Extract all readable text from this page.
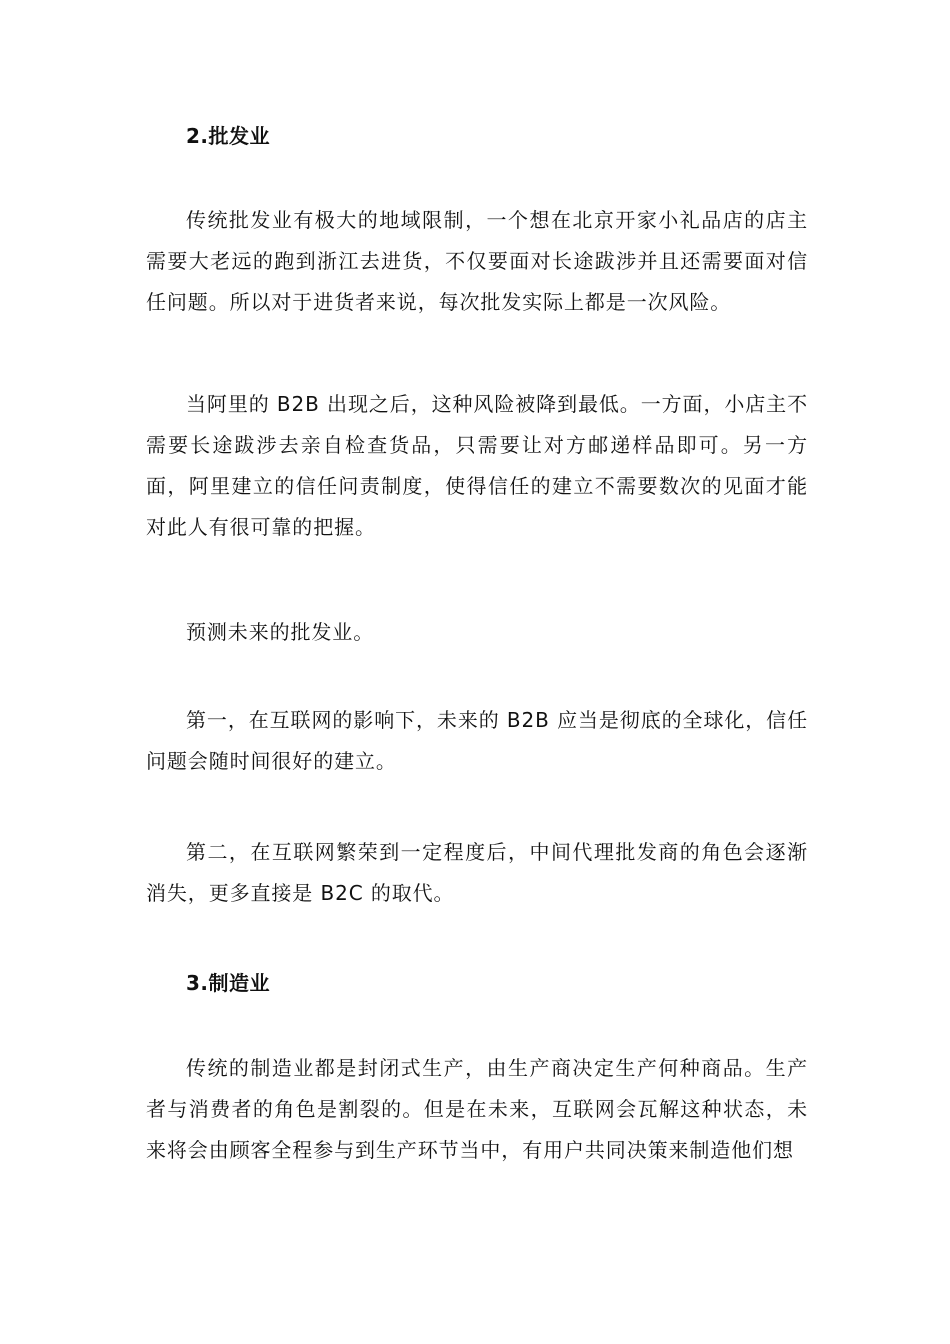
2.批发业

传统批发业有极大的地域限制，一个想在北京开家小礼品店的店主需要大老远的跑到浙江去进货，不仅要面对长途跋涉并且还需要面对信任问题。所以对于进货者来说，每次批发实际上都是一次风险。

当阿里的 B2B 出现之后，这种风险被降到最低。一方面，小店主不需要长途跋涉去亲自检查货品，只需要让对方邮递样品即可。另一方面，阿里建立的信任问责制度，使得信任的建立不需要数次的见面才能对此人有很可靠的把握。

预测未来的批发业。

第一，在互联网的影响下，未来的 B2B 应当是彻底的全球化，信任问题会随时间很好的建立。

第二，在互联网繁荣到一定程度后，中间代理批发商的角色会逐渐消失，更多直接是 B2C 的取代。

3.制造业

传统的制造业都是封闭式生产，由生产商决定生产何种商品。生产者与消费者的角色是割裂的。但是在未来，互联网会瓦解这种状态，未来将会由顾客全程参与到生产环节当中，有用户共同决策来制造他们想
